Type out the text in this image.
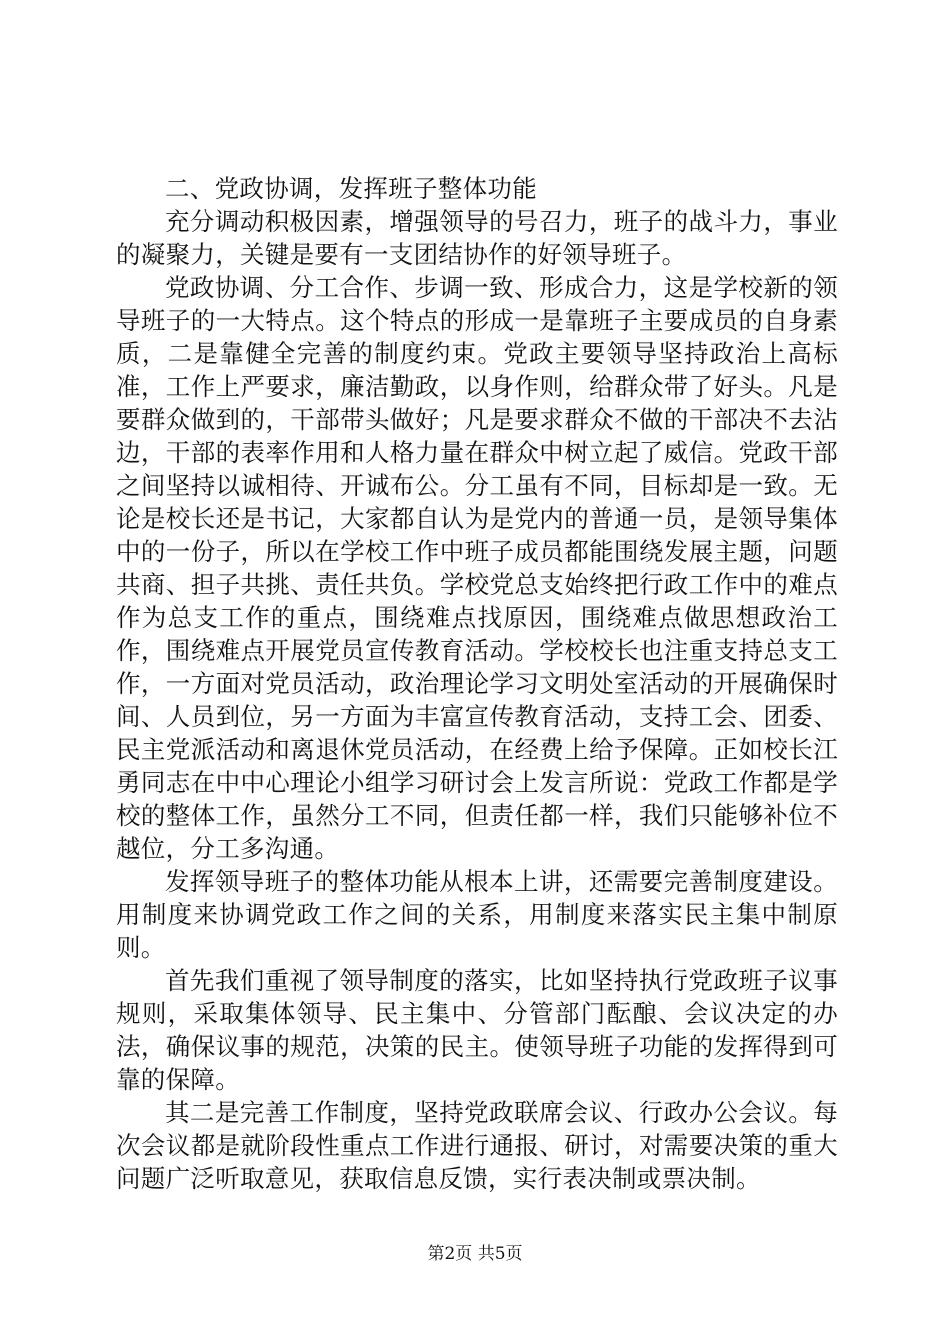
二、党政协调，发挥班子整体功能

充分调动积极因素，增强领导的号召力，班子的战斗力，事业的凝聚力，关键是要有一支团结协作的好领导班子。

党政协调、分工合作、步调一致、形成合力，这是学校新的领导班子的一大特点。这个特点的形成一是靠班子主要成员的自身素质，二是靠健全完善的制度约束。党政主要领导坚持政治上高标准，工作上严要求，廉洁勤政，以身作则，给群众带了好头。凡是要群众做到的，干部带头做好；凡是要求群众不做的干部决不去沾边，干部的表率作用和人格力量在群众中树立起了威信。党政干部之间坚持以诚相待、开诚布公。分工虽有不同，目标却是一致。无论是校长还是书记，大家都自认为是党内的普通一员，是领导集体中的一份子，所以在学校工作中班子成员都能围绕发展主题，问题共商、担子共挑、责任共负。学校党总支始终把行政工作中的难点作为总支工作的重点，围绕难点找原因，围绕难点做思想政治工作，围绕难点开展党员宣传教育活动。学校校长也注重支持总支工作，一方面对党员活动，政治理论学习文明处室活动的开展确保时间、人员到位，另一方面为丰富宣传教育活动，支持工会、团委、民主党派活动和离退休党员活动，在经费上给予保障。正如校长江勇同志在中中心理论小组学习研讨会上发言所说：党政工作都是学校的整体工作，虽然分工不同，但责任都一样，我们只能够补位不越位，分工多沟通。

发挥领导班子的整体功能从根本上讲，还需要完善制度建设。用制度来协调党政工作之间的关系，用制度来落实民主集中制原则。

首先我们重视了领导制度的落实，比如坚持执行党政班子议事规则，采取集体领导、民主集中、分管部门酝酿、会议决定的办法，确保议事的规范，决策的民主。使领导班子功能的发挥得到可靠的保障。

其二是完善工作制度，坚持党政联席会议、行政办公会议。每次会议都是就阶段性重点工作进行通报、研讨，对需要决策的重大问题广泛听取意见，获取信息反馈，实行表决制或票决制。

第2页 共5页
